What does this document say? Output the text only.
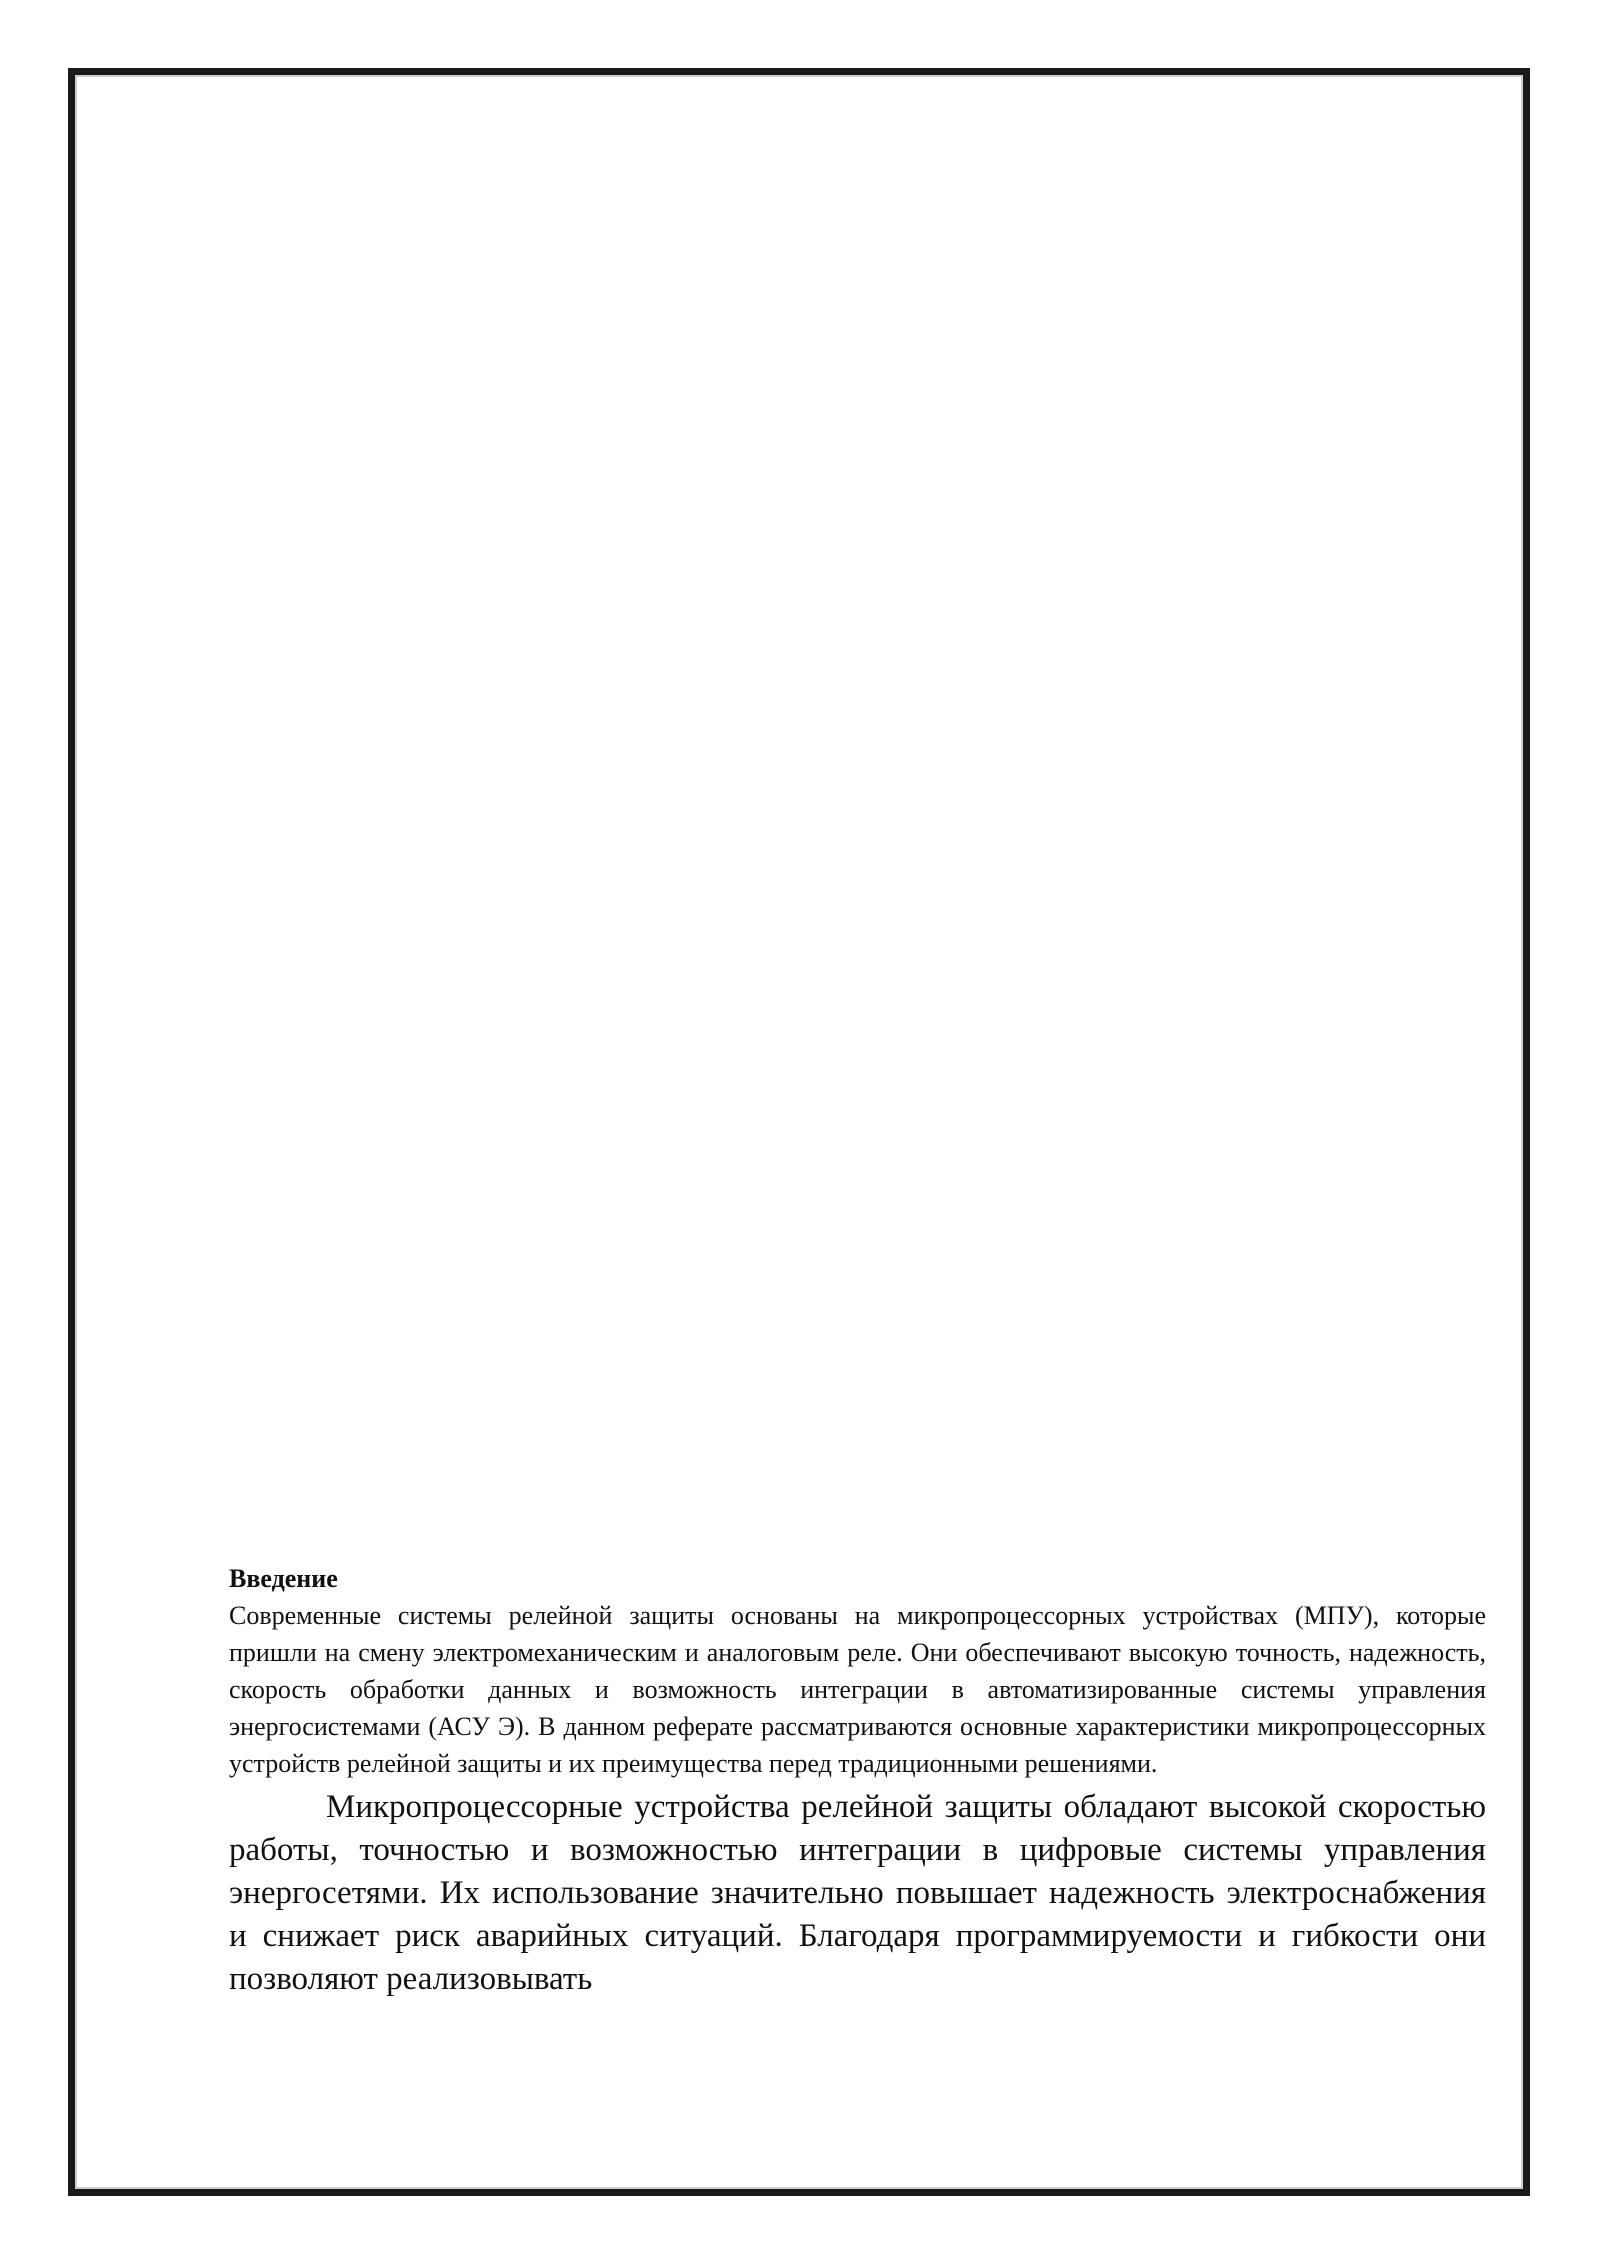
Введение

Современные системы релейной защиты основаны на микропроцессорных устройствах (МПУ), которые пришли на смену электромеханическим и аналоговым реле. Они обеспечивают высокую точность, надежность, скорость обработки данных и возможность интеграции в автоматизированные системы управления энергосистемами (АСУ Э). В данном реферате рассматриваются основные характеристики микропроцессорных устройств релейной защиты и их преимущества перед традиционными решениями.

Микропроцессорные устройства релейной защиты обладают высокой скоростью работы, точностью и возможностью интеграции в цифровые системы управления энергосетями. Их использование значительно повышает надежность электроснабжения и снижает риск аварийных ситуаций. Благодаря программируемости и гибкости они позволяют реализовывать
